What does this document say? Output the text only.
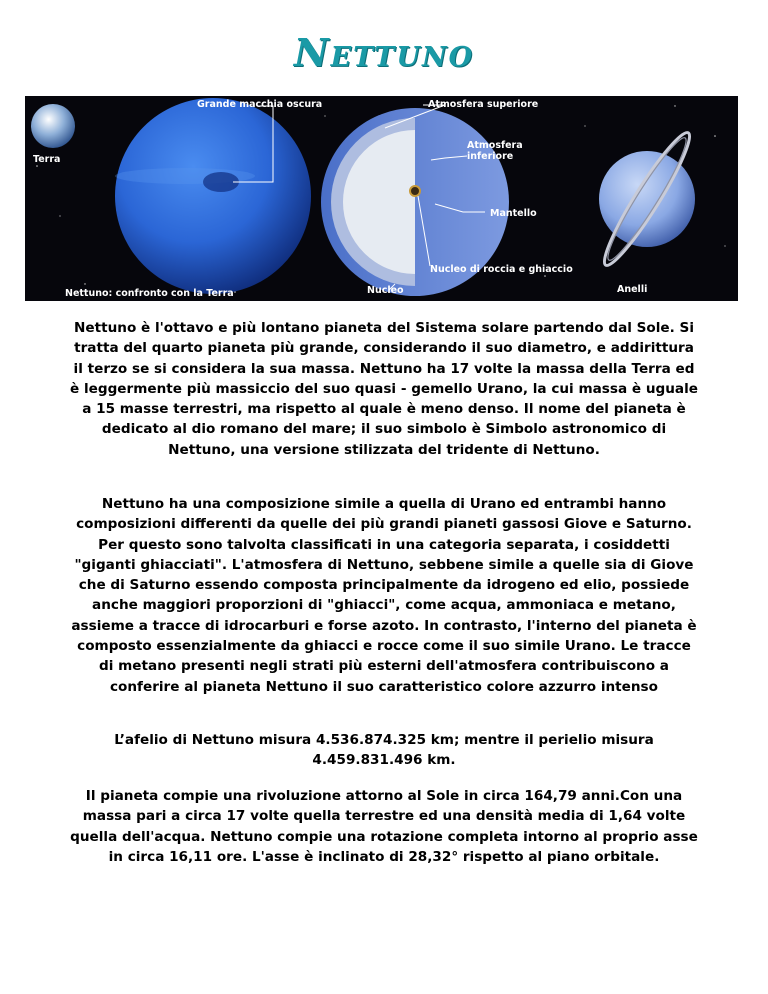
Nettuno
Grande macchia oscura	Atmosfera superiore
Terra
Atmosfera inferiore
Mantello
Nucleo di roccia e ghiaccio
Nettuno: confronto con la Terra	Nucleo	Anelli

Nettuno è l'ottavo e più lontano pianeta del Sistema solare partendo dal Sole. Si tratta del quarto pianeta più grande, considerando il suo diametro, e addirittura il terzo se si considera la sua massa. Nettuno ha 17 volte la massa della Terra ed è leggermente più massiccio del suo quasi - gemello Urano, la cui massa è uguale a 15 masse terrestri, ma rispetto al quale è meno denso. Il nome del pianeta è dedicato al dio romano del mare; il suo simbolo è Simbolo astronomico di Nettuno, una versione stilizzata del tridente di Nettuno.

Nettuno ha una composizione simile a quella di Urano ed entrambi hanno composizioni differenti da quelle dei più grandi pianeti gassosi Giove e Saturno. Per questo sono talvolta classificati in una categoria separata, i cosiddetti "giganti ghiacciati". L'atmosfera di Nettuno, sebbene simile a quelle sia di Giove che di Saturno essendo composta principalmente da idrogeno ed elio, possiede anche maggiori proporzioni di "ghiacci", come acqua, ammoniaca e metano, assieme a tracce di idrocarburi e forse azoto. In contrasto, l'interno del pianeta è composto essenzialmente da ghiacci e rocce come il suo simile Urano. Le tracce di metano presenti negli strati più esterni dell'atmosfera contribuiscono a conferire al pianeta Nettuno il suo caratteristico colore azzurro intenso

L’afelio di Nettuno misura 4.536.874.325 km; mentre il perielio misura 4.459.831.496 km.

Il pianeta compie una rivoluzione attorno al Sole in circa 164,79 anni.Con una massa pari a circa 17 volte quella terrestre ed una densità media di 1,64 volte quella dell'acqua. Nettuno compie una rotazione completa intorno al proprio asse in circa 16,11 ore. L'asse è inclinato di 28,32° rispetto al piano orbitale.
